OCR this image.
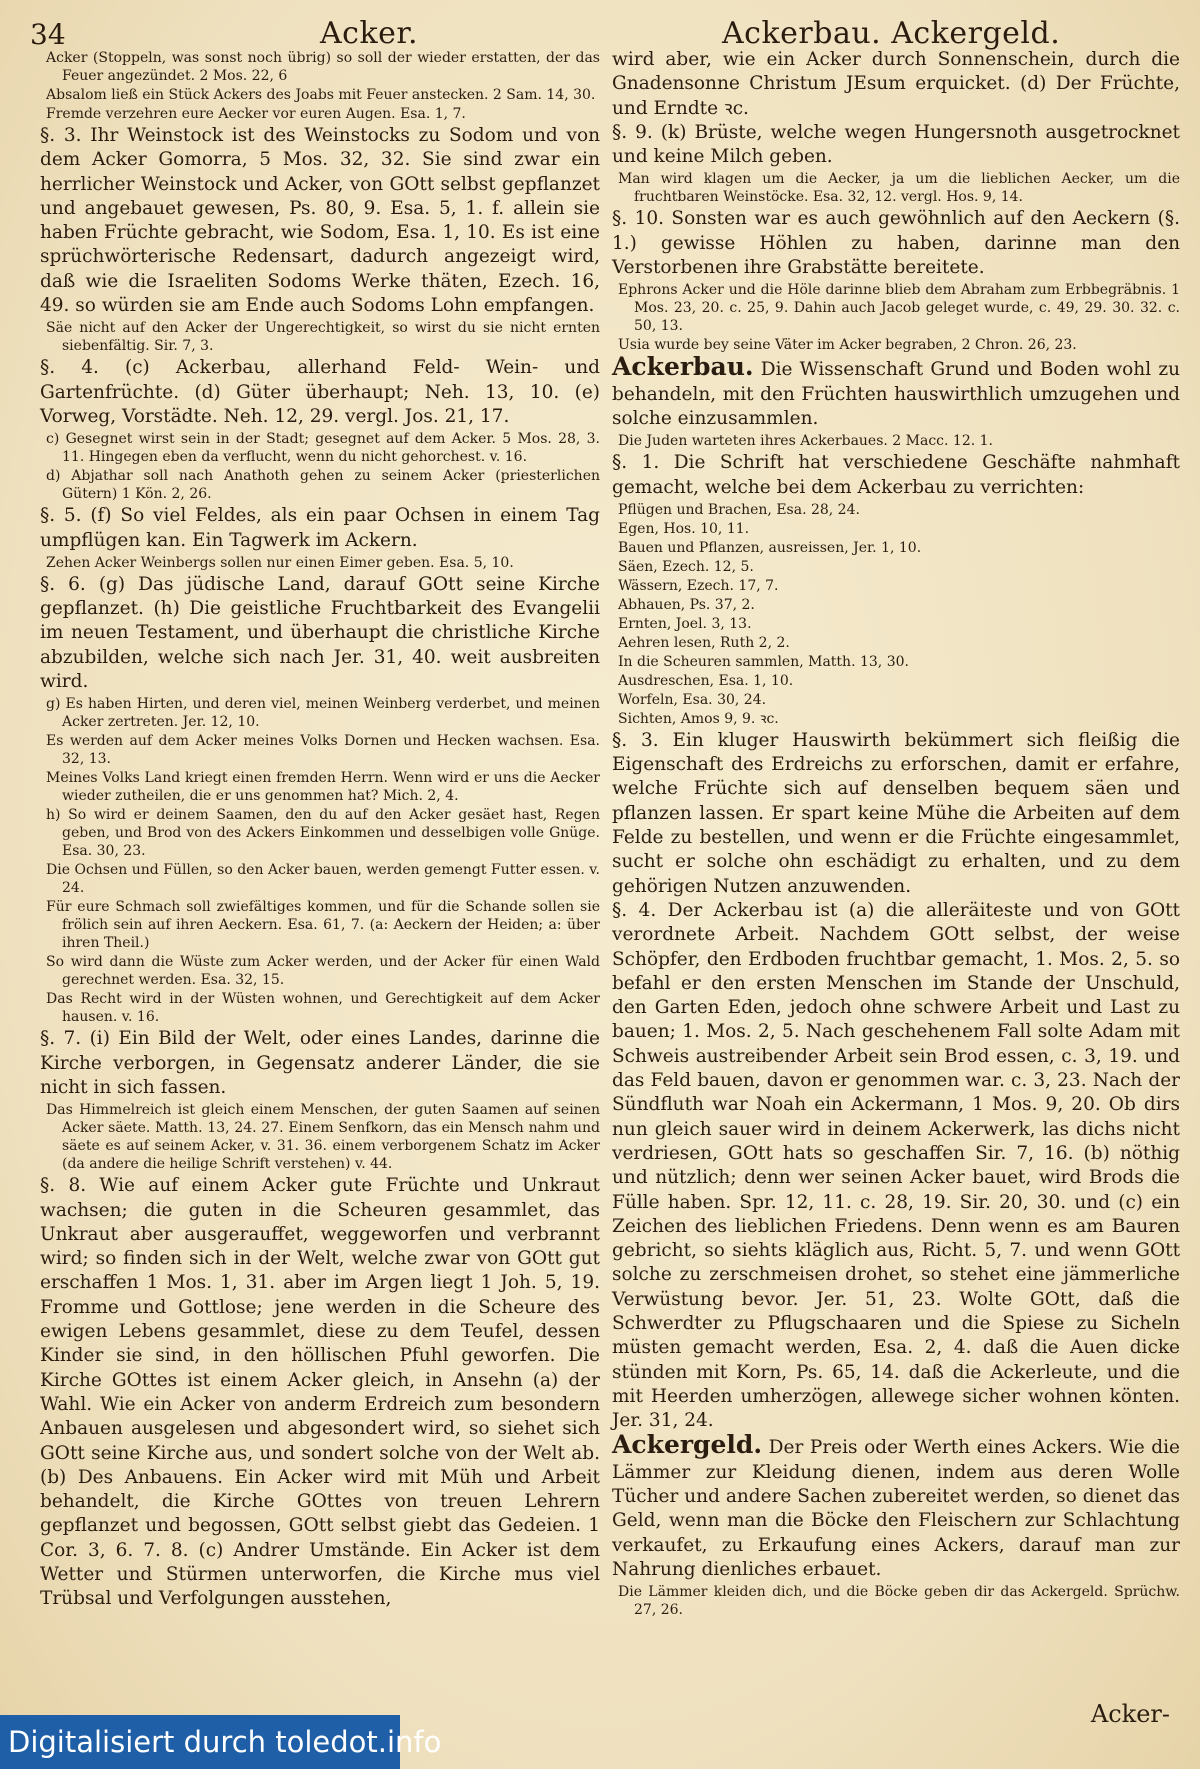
34	Acker.	Ackerbau. Ackergeld.

Acker (Stoppeln, was sonst noch übrig) so soll der wieder erstatten, der das Feuer angezündet. 2 Mos. 22, 6

Absalom ließ ein Stück Ackers des Joabs mit Feuer anstecken. 2 Sam. 14, 30.

Fremde verzehren eure Aecker vor euren Augen. Esa. 1, 7.

§. 3. Ihr Weinstock ist des Weinstocks zu Sodom und von dem Acker Gomorra, 5 Mos. 32, 32. Sie sind zwar ein herrlicher Weinstock und Acker, von GOtt selbst gepflanzet und angebauet gewesen, Ps. 80, 9. Esa. 5, 1. f. allein sie haben Früchte gebracht, wie Sodom, Esa. 1, 10. Es ist eine sprüchwörterische Redensart, dadurch angezeigt wird, daß wie die Israeliten Sodoms Werke thäten, Ezech. 16, 49. so würden sie am Ende auch Sodoms Lohn empfangen.

Säe nicht auf den Acker der Ungerechtigkeit, so wirst du sie nicht ernten siebenfältig. Sir. 7, 3.

§. 4. (c) Ackerbau, allerhand Feld- Wein- und Gartenfrüchte. (d) Güter überhaupt; Neh. 13, 10. (e) Vorweg, Vorstädte. Neh. 12, 29. vergl. Jos. 21, 17.

c) Gesegnet wirst sein in der Stadt; gesegnet auf dem Acker. 5 Mos. 28, 3. 11. Hingegen eben da verflucht, wenn du nicht gehorchest. v. 16.

d) Abjathar soll nach Anathoth gehen zu seinem Acker (priesterlichen Gütern) 1 Kön. 2, 26.

§. 5. (f) So viel Feldes, als ein paar Ochsen in einem Tag umpflügen kan. Ein Tagwerk im Ackern.

Zehen Acker Weinbergs sollen nur einen Eimer geben. Esa. 5, 10.

§. 6. (g) Das jüdische Land, darauf GOtt seine Kirche gepflanzet. (h) Die geistliche Fruchtbarkeit des Evangelii im neuen Testament, und überhaupt die christliche Kirche abzubilden, welche sich nach Jer. 31, 40. weit ausbreiten wird.

g) Es haben Hirten, und deren viel, meinen Weinberg verderbet, und meinen Acker zertreten. Jer. 12, 10.

Es werden auf dem Acker meines Volks Dornen und Hecken wachsen. Esa. 32, 13.

Meines Volks Land kriegt einen fremden Herrn. Wenn wird er uns die Aecker wieder zutheilen, die er uns genommen hat? Mich. 2, 4.

h) So wird er deinem Saamen, den du auf den Acker gesäet hast, Regen geben, und Brod von des Ackers Einkommen und desselbigen volle Gnüge. Esa. 30, 23.

Die Ochsen und Füllen, so den Acker bauen, werden gemengt Futter essen. v. 24.

Für eure Schmach soll zwiefältiges kommen, und für die Schande sollen sie frölich sein auf ihren Aeckern. Esa. 61, 7. (a: Aeckern der Heiden; a: über ihren Theil.)

So wird dann die Wüste zum Acker werden, und der Acker für einen Wald gerechnet werden. Esa. 32, 15.

Das Recht wird in der Wüsten wohnen, und Gerechtigkeit auf dem Acker hausen. v. 16.

§. 7. (i) Ein Bild der Welt, oder eines Landes, darinne die Kirche verborgen, in Gegensatz anderer Länder, die sie nicht in sich fassen.

Das Himmelreich ist gleich einem Menschen, der guten Saamen auf seinen Acker säete. Matth. 13, 24. 27. Einem Senfkorn, das ein Mensch nahm und säete es auf seinem Acker, v. 31. 36. einem verborgenem Schatz im Acker (da andere die heilige Schrift verstehen) v. 44.

§. 8. Wie auf einem Acker gute Früchte und Unkraut wachsen; die guten in die Scheuren gesammlet, das Unkraut aber ausgerauffet, weggeworfen und verbrannt wird; so finden sich in der Welt, welche zwar von GOtt gut erschaffen 1 Mos. 1, 31. aber im Argen liegt 1 Joh. 5, 19. Fromme und Gottlose; jene werden in die Scheure des ewigen Lebens gesammlet, diese zu dem Teufel, dessen Kinder sie sind, in den höllischen Pfuhl geworfen. Die Kirche GOttes ist einem Acker gleich, in Ansehn (a) der Wahl. Wie ein Acker von anderm Erdreich zum besondern Anbauen ausgelesen und abgesondert wird, so siehet sich GOtt seine Kirche aus, und sondert solche von der Welt ab. (b) Des Anbauens. Ein Acker wird mit Müh und Arbeit behandelt, die Kirche GOttes von treuen Lehrern gepflanzet und begossen, GOtt selbst giebt das Gedeien. 1 Cor. 3, 6. 7. 8. (c) Andrer Umstände. Ein Acker ist dem Wetter und Stürmen unterworfen, die Kirche mus viel Trübsal und Verfolgungen ausstehen,

wird aber, wie ein Acker durch Sonnenschein, durch die Gnadensonne Christum JEsum erquicket. (d) Der Früchte, und Erndte ꝛc.

§. 9. (k) Brüste, welche wegen Hungersnoth ausgetrocknet und keine Milch geben.

Man wird klagen um die Aecker, ja um die lieblichen Aecker, um die fruchtbaren Weinstöcke. Esa. 32, 12. vergl. Hos. 9, 14.

§. 10. Sonsten war es auch gewöhnlich auf den Aeckern (§. 1.) gewisse Höhlen zu haben, darinne man den Verstorbenen ihre Grabstätte bereitete.

Ephrons Acker und die Höle darinne blieb dem Abraham zum Erbbegräbnis. 1 Mos. 23, 20. c. 25, 9. Dahin auch Jacob geleget wurde, c. 49, 29. 30. 32. c. 50, 13.

Usia wurde bey seine Väter im Acker begraben, 2 Chron. 26, 23.

Ackerbau. Die Wissenschaft Grund und Boden wohl zu behandeln, mit den Früchten hauswirthlich umzugehen und solche einzusammlen.

Die Juden warteten ihres Ackerbaues. 2 Macc. 12. 1.

§. 1. Die Schrift hat verschiedene Geschäfte nahmhaft gemacht, welche bei dem Ackerbau zu verrichten:

Pflügen und Brachen, Esa. 28, 24.

Egen, Hos. 10, 11.

Bauen und Pflanzen, ausreissen, Jer. 1, 10.

Säen, Ezech. 12, 5.

Wässern, Ezech. 17, 7.

Abhauen, Ps. 37, 2.

Ernten, Joel. 3, 13.

Aehren lesen, Ruth 2, 2.

In die Scheuren sammlen, Matth. 13, 30.

Ausdreschen, Esa. 1, 10.

Worfeln, Esa. 30, 24.

Sichten, Amos 9, 9. ꝛc.

§. 3. Ein kluger Hauswirth bekümmert sich fleißig die Eigenschaft des Erdreichs zu erforschen, damit er erfahre, welche Früchte sich auf denselben bequem säen und pflanzen lassen. Er spart keine Mühe die Arbeiten auf dem Felde zu bestellen, und wenn er die Früchte eingesammlet, sucht er solche ohn eschädigt zu erhalten, und zu dem gehörigen Nutzen anzuwenden.

§. 4. Der Ackerbau ist (a) die alleräiteste und von GOtt verordnete Arbeit. Nachdem GOtt selbst, der weise Schöpfer, den Erdboden fruchtbar gemacht, 1. Mos. 2, 5. so befahl er den ersten Menschen im Stande der Unschuld, den Garten Eden, jedoch ohne schwere Arbeit und Last zu bauen; 1. Mos. 2, 5. Nach geschehenem Fall solte Adam mit Schweis austreibender Arbeit sein Brod essen, c. 3, 19. und das Feld bauen, davon er genommen war. c. 3, 23. Nach der Sündfluth war Noah ein Ackermann, 1 Mos. 9, 20. Ob dirs nun gleich sauer wird in deinem Ackerwerk, las dichs nicht verdriesen, GOtt hats so geschaffen Sir. 7, 16. (b) nöthig und nützlich; denn wer seinen Acker bauet, wird Brods die Fülle haben. Spr. 12, 11. c. 28, 19. Sir. 20, 30. und (c) ein Zeichen des lieblichen Friedens. Denn wenn es am Bauren gebricht, so siehts kläglich aus, Richt. 5, 7. und wenn GOtt solche zu zerschmeisen drohet, so stehet eine jämmerliche Verwüstung bevor. Jer. 51, 23. Wolte GOtt, daß die Schwerdter zu Pflugschaaren und die Spiese zu Sicheln müsten gemacht werden, Esa. 2, 4. daß die Auen dicke stünden mit Korn, Ps. 65, 14. daß die Ackerleute, und die mit Heerden umherzögen, allewege sicher wohnen könten. Jer. 31, 24.

Ackergeld. Der Preis oder Werth eines Ackers. Wie die Lämmer zur Kleidung dienen, indem aus deren Wolle Tücher und andere Sachen zubereitet werden, so dienet das Geld, wenn man die Böcke den Fleischern zur Schlachtung verkaufet, zu Erkaufung eines Ackers, darauf man zur Nahrung dienliches erbauet.

Die Lämmer kleiden dich, und die Böcke geben dir das Ackergeld. Sprüchw. 27, 26.

Acker-
Digitalisiert durch toledot.info
